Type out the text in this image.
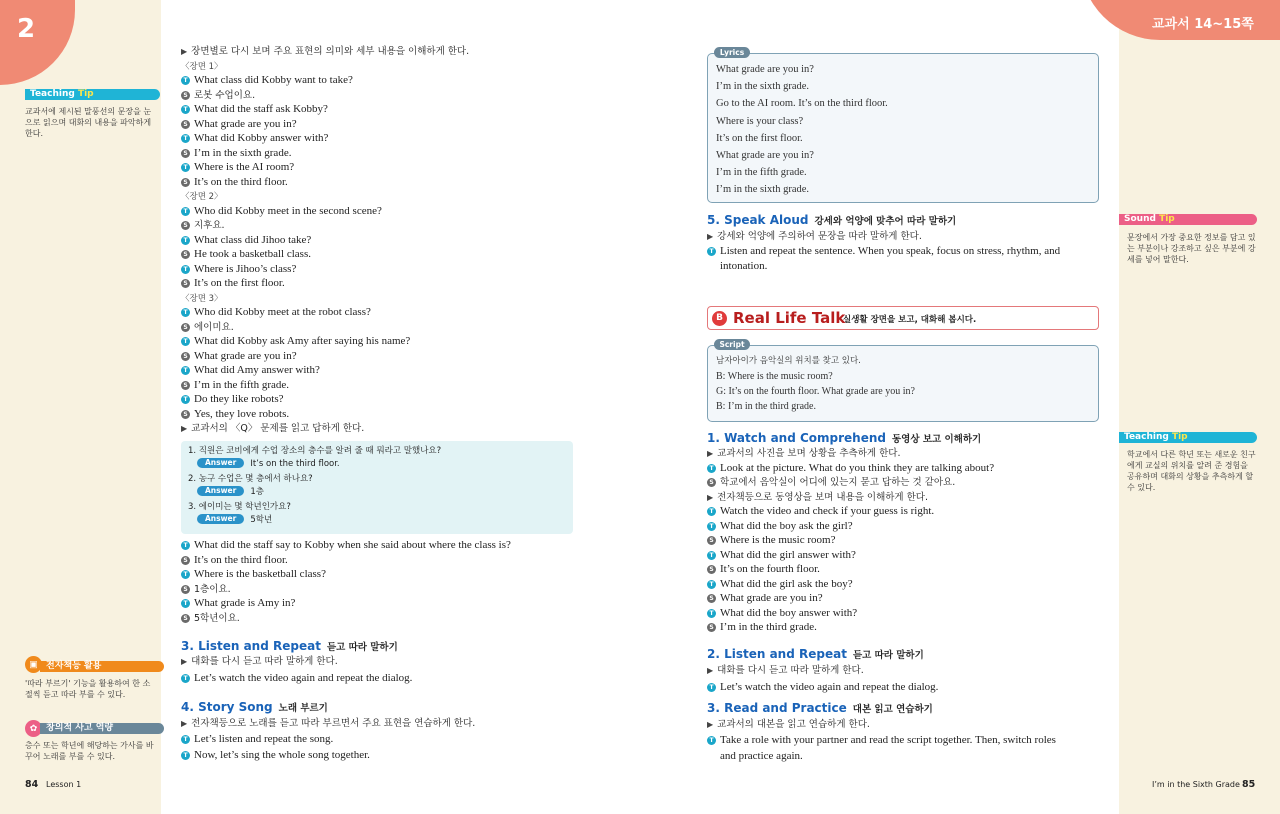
2	교과서 14~15쪽
Teaching Tip
교과서에 제시된 말풍선의 문장을 눈으로 읽으며 대화의 내용을 파악하게 한다.
▣ 전자책등 활용
'따라 부르기' 기능을 활용하여 한 소절씩 듣고 따라 부를 수 있다.
✿ 창의적 사고 역량
층수 또는 학년에 해당하는 가사를 바꾸어 노래를 부를 수 있다.
84 Lesson 1
▶ 장면별로 다시 보며 주요 표현의 의미와 세부 내용을 이해하게 한다.
〈장면 1〉
T What class did Kobby want to take?
S 로봇 수업이요.
T What did the staff ask Kobby?
S What grade are you in?
T What did Kobby answer with?
S I’m in the sixth grade.
T Where is the AI room?
S It’s on the third floor.
〈장면 2〉
T Who did Kobby meet in the second scene?
S 지후요.
T What class did Jihoo take?
S He took a basketball class.
T Where is Jihoo’s class?
S It’s on the first floor.
〈장면 3〉
T Who did Kobby meet at the robot class?
S 에이미요.
T What did Kobby ask Amy after saying his name?
S What grade are you in?
T What did Amy answer with?
S I’m in the fifth grade.
T Do they like robots?
S Yes, they love robots.
▶ 교과서의 〈Q〉 문제를 읽고 답하게 한다.
1. 직원은 코비에게 수업 장소의 층수를 알려 줄 때 뭐라고 말했나요?
Answer It’s on the third floor.
2. 농구 수업은 몇 층에서 하나요?
Answer 1층
3. 에이미는 몇 학년인가요?
Answer 5학년
T What did the staff say to Kobby when she said about where the class is?
S It’s on the third floor.
T Where is the basketball class?
S 1층이요.
T What grade is Amy in?
S 5학년이요.
3. Listen and Repeat 듣고 따라 말하기
▶ 대화를 다시 듣고 따라 말하게 한다.
T Let’s watch the video again and repeat the dialog.
4. Story Song 노래 부르기
▶ 전자책등으로 노래를 듣고 따라 부르면서 주요 표현을 연습하게 한다.
T Let’s listen and repeat the song.
T Now, let’s sing the whole song together.
What grade are you in?
I’m in the sixth grade.
Go to the AI room. It’s on the third floor.
Where is your class?
It’s on the first floor.
What grade are you in?
I’m in the fifth grade.
I’m in the sixth grade.
Lyrics
5. Speak Aloud 강세와 억양에 맞추어 따라 말하기
▶ 강세와 억양에 주의하여 문장을 따라 말하게 한다.
T Listen and repeat the sentence. When you speak, focus on stress, rhythm, and
intonation.
B Real Life Talk
실생활 장면을 보고, 대화해 봅시다.
남자아이가 음악실의 위치를 찾고 있다.
B: Where is the music room?
G: It’s on the fourth floor. What grade are you in?
B: I’m in the third grade.
Script
1. Watch and Comprehend 동영상 보고 이해하기
▶ 교과서의 사진을 보며 상황을 추측하게 한다.
T Look at the picture. What do you think they are talking about?
S 학교에서 음악실이 어디에 있는지 묻고 답하는 것 같아요.
▶ 전자책등으로 동영상을 보며 내용을 이해하게 한다.
T Watch the video and check if your guess is right.
T What did the boy ask the girl?
S Where is the music room?
T What did the girl answer with?
S It’s on the fourth floor.
T What did the girl ask the boy?
S What grade are you in?
T What did the boy answer with?
S I’m in the third grade.
2. Listen and Repeat 듣고 따라 말하기
▶ 대화를 다시 듣고 따라 말하게 한다.
T Let’s watch the video again and repeat the dialog.
3. Read and Practice 대본 읽고 연습하기
▶ 교과서의 대본을 읽고 연습하게 한다.
T Take a role with your partner and read the script together. Then, switch roles
and practice again.
Sound Tip
문장에서 가장 중요한 정보를 담고 있는 부분이나 강조하고 싶은 부분에 강세를 넣어 말한다.
Teaching Tip
학교에서 다른 학년 또는 새로운 친구에게 교실의 위치를 알려 준 경험을 공유하며 대화의 상황을 추측하게 할 수 있다.
I’m in the Sixth Grade 85
